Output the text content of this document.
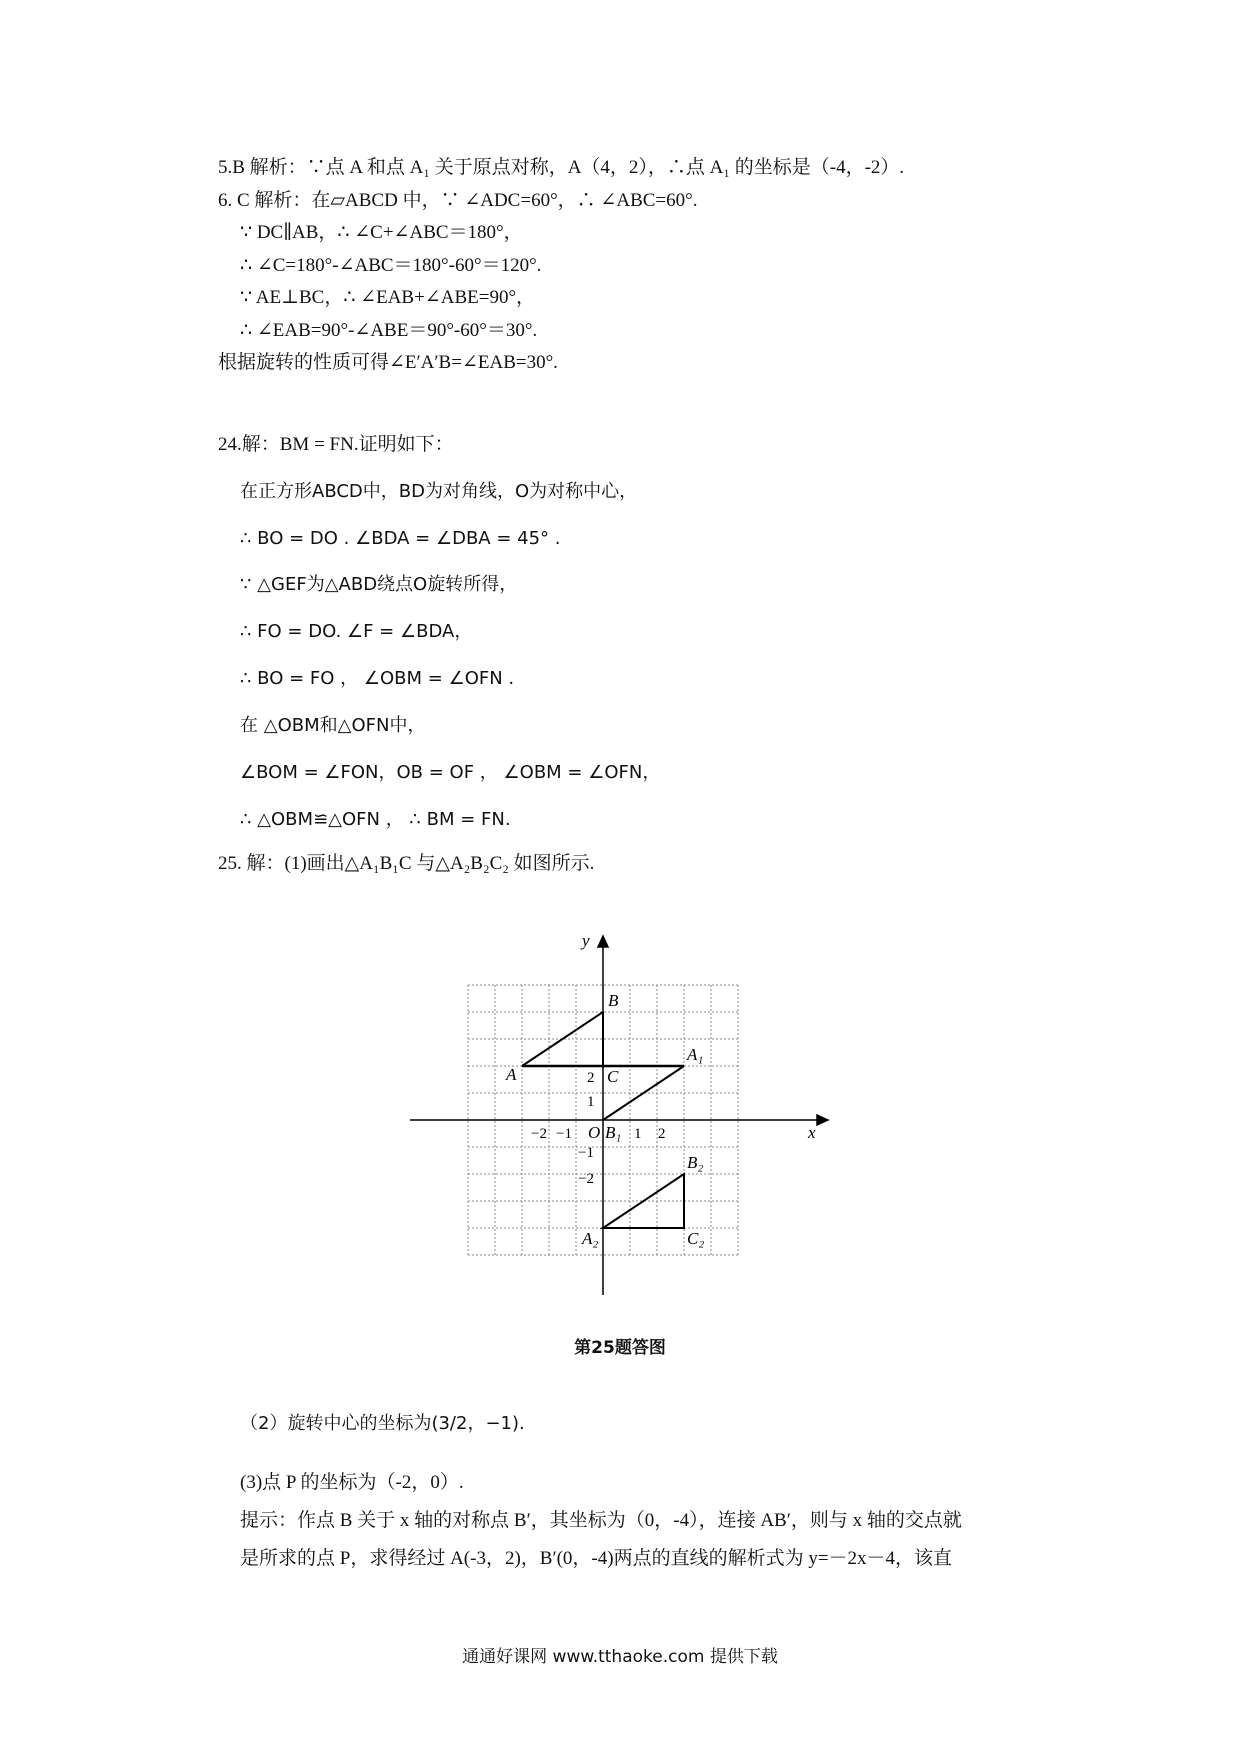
5.B 解析：∵点 A 和点 A₁ 关于原点对称，A（4，2），∴点 A₁ 的坐标是（-4，-2）.
6. C 解析：在▱ABCD 中，∵ ∠ADC=60°，∴ ∠ABC=60°.
∵ DC∥AB，∴ ∠C+∠ABC＝180°，
∴ ∠C=180°-∠ABC＝180°-60°＝120°.
∵ AE⊥BC，∴ ∠EAB+∠ABE=90°，
∴ ∠EAB=90°-∠ABE＝90°-60°＝30°.
根据旋转的性质可得∠E′A′B=∠EAB=30°.
24.解：BM = FN.证明如下：
在正方形ABCD中，BD为对角线，O为对称中心，
∴ BO = DO . ∠BDA = ∠DBA = 45° .
∵ △GEF为△ABD绕点O旋转所得，
∴ FO = DO. ∠F = ∠BDA，
∴ BO = FO ， ∠OBM = ∠OFN .
在 △OBM和△OFN中，
∠BOM = ∠FON，OB = OF ， ∠OBM = ∠OFN，
∴ △OBM≌△OFN ， ∴ BM = FN.
25. 解：(1)画出△A₁B₁C 与△A₂B₂C₂ 如图所示.
y
x
B
A₁
A	C
O B₁
B₂
A₂	C₂
2
1
−1
−2
−2 −1	1 2
第25题答图
（2）旋转中心的坐标为(3/2，−1).
(3)点 P 的坐标为（-2，0）.
提示：作点 B 关于 x 轴的对称点 B′，其坐标为（0，-4），连接 AB′，则与 x 轴的交点就
是所求的点 P，求得经过 A(-3，2)，B′(0，-4)两点的直线的解析式为 y=－2x－4，该直
通通好课网 www.tthaoke.com 提供下载
